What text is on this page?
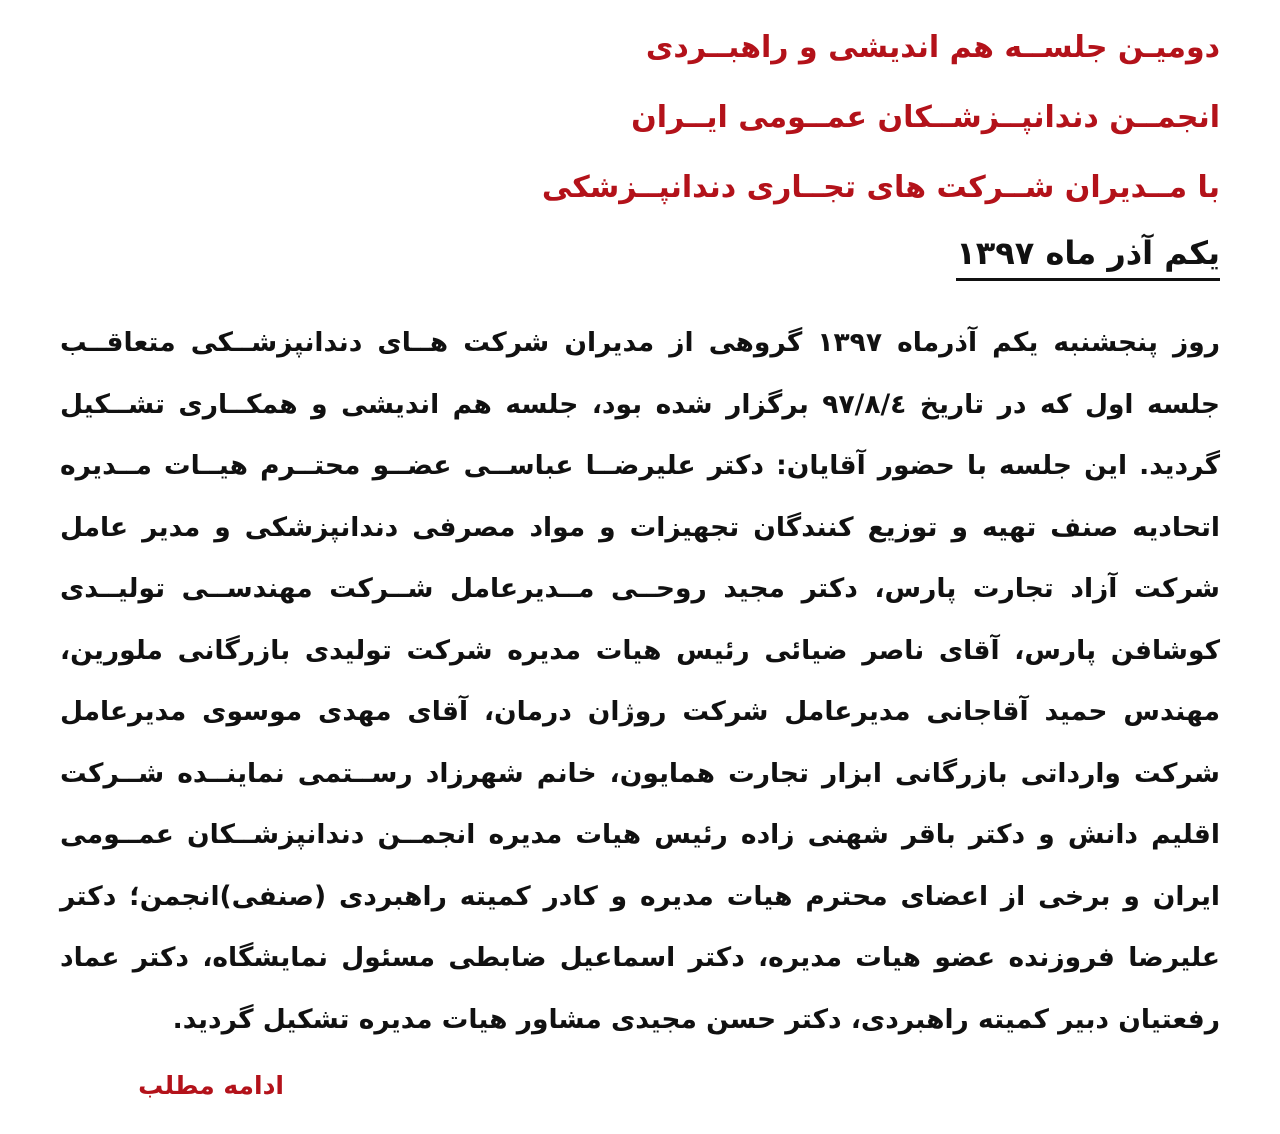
دومیـن جلســه هم اندیشی و راهبــردی
انجمــن دندانپــزشــکان عمــومی ایــران
با مــدیران شــرکت های تجــاری دندانپــزشکی
یکم آذر ماه ۱۳۹۷

روز پنجشنبه یکم آذرماه ۱۳۹۷ گروهی از مدیران شرکت هــای دندانپزشــکی متعاقــب جلسه اول که در تاریخ ۹۷/۸/٤ برگزار شده بود، جلسه هم اندیشی و همکــاری تشــکیل گردید. این جلسه با حضور آقایان: دکتر علیرضــا عباســی عضــو محتــرم هیــات مــدیره اتحادیه صنف تهیه و توزیع کنندگان تجهیزات و مواد مصرفی دندانپزشکی و مدیر عامل شرکت آزاد تجارت پارس، دکتر مجید روحــی مــدیرعامل شــرکت مهندســی تولیــدی کوشافن پارس، آقای ناصر ضیائی رئیس هیات مدیره شرکت تولیدی بازرگانی ملورین، مهندس حمید آقاجانی مدیرعامل شرکت روژان درمان، آقای مهدی موسوی مدیرعامل شرکت وارداتی بازرگانی ابزار تجارت همایون، خانم شهرزاد رســتمی نماینــده شــرکت اقلیم دانش و دکتر باقر شهنی زاده رئیس هیات مدیره انجمــن دندانپزشــکان عمــومی ایران و برخی از اعضای محترم هیات مدیره و کادر کمیته راهبردی (صنفی)انجمن؛ دکتر علیرضا فروزنده عضو هیات مدیره، دکتر اسماعیل ضابطی مسئول نمایشگاه، دکتر عماد رفعتیان دبیر کمیته راهبردی، دکتر حسن مجیدی مشاور هیات مدیره تشکیل گردید.

ادامه مطلب
